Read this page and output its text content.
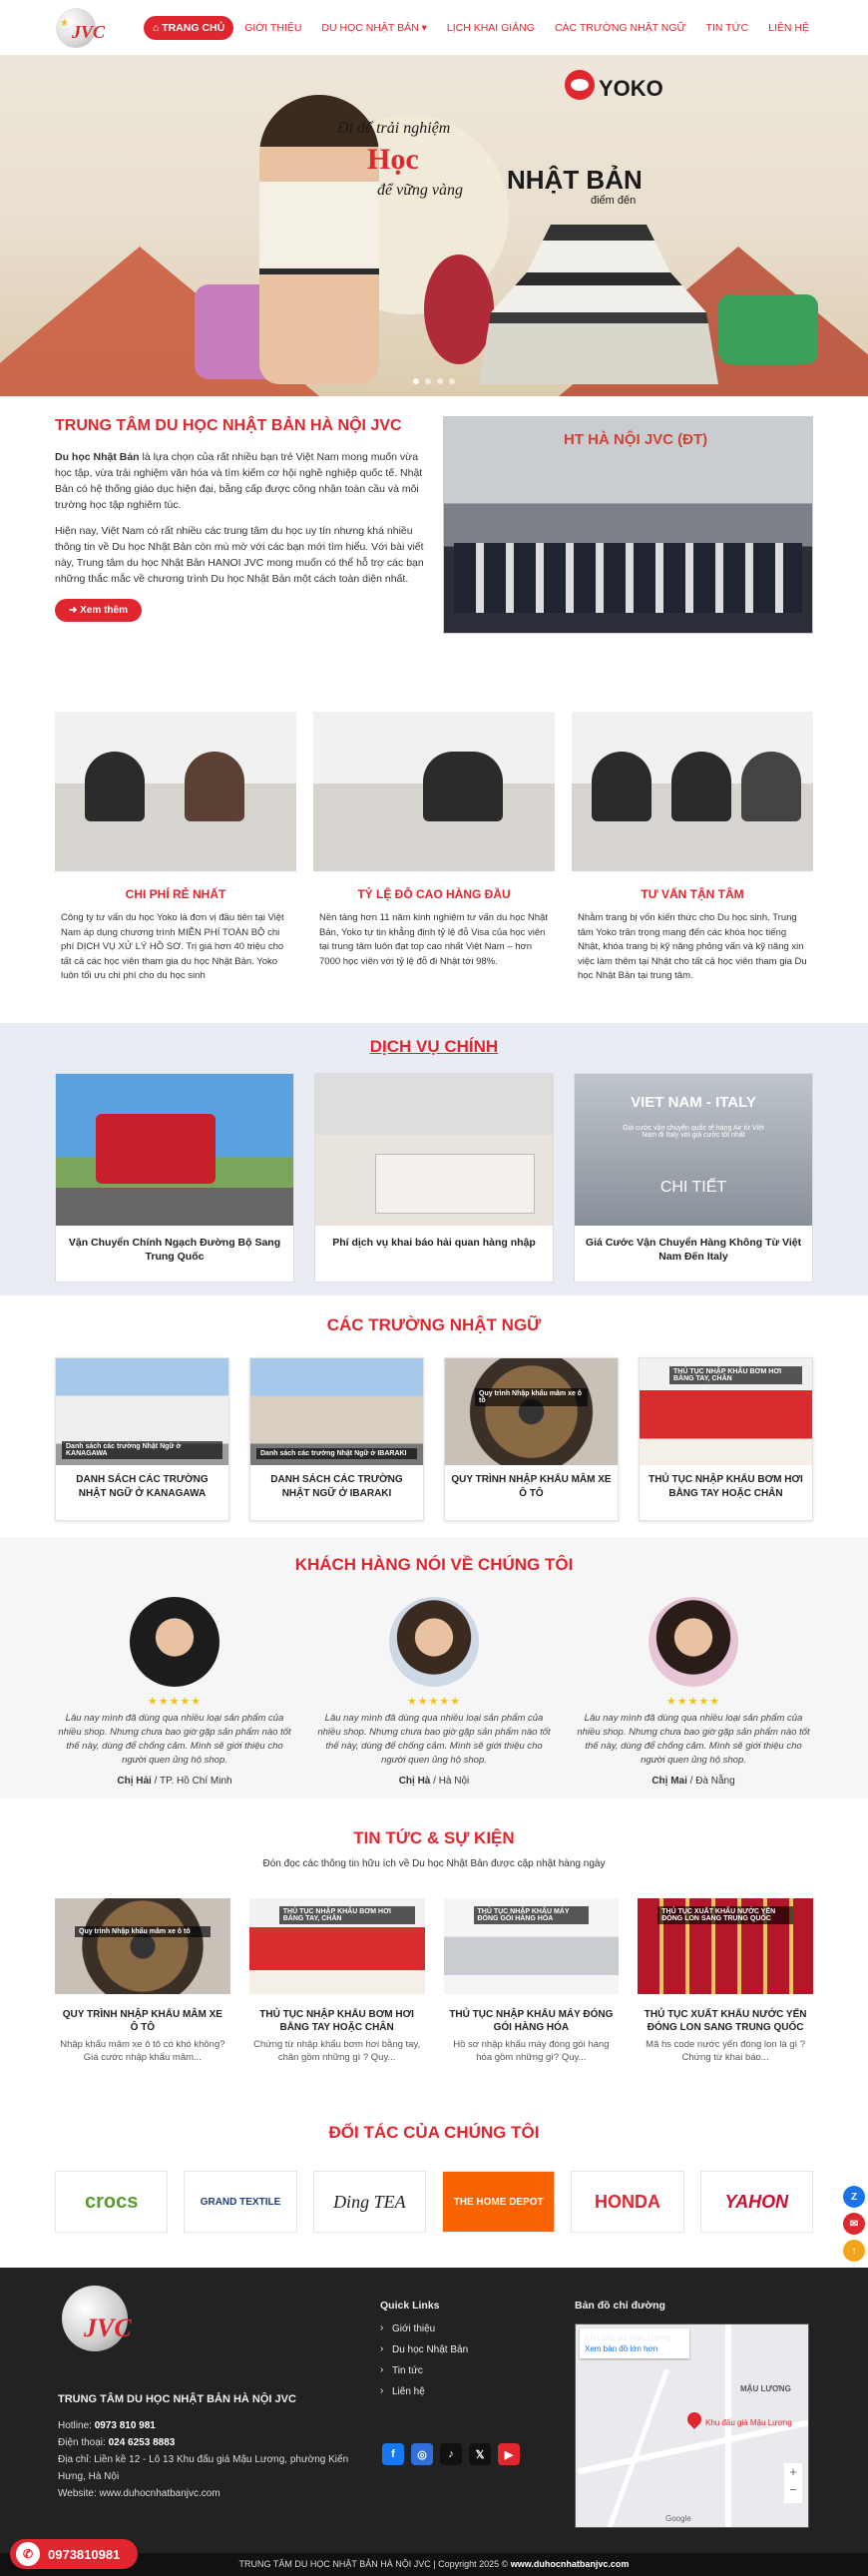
★ JVC	⌂ TRANG CHỦ	GIỚI THIỆU	DU HỌC NHẬT BẢN ▾	LỊCH KHAI GIẢNG	CÁC TRƯỜNG NHẬT NGỮ	TIN TỨC	LIÊN HỆ
YOKO
Đi để trải nghiệm
Học
để vững vàng NHẬT BẢN
điểm đến
TRUNG TÂM DU HỌC NHẬT BẢN HÀ NỘI JVC

Du học Nhật Bản là lựa chọn của rất nhiều bạn trẻ Việt Nam mong muốn vừa học tập, vừa trải nghiệm văn hóa và tìm kiếm cơ hội nghề nghiệp quốc tế. Nhật Bản có hệ thống giáo dục hiện đại, bằng cấp được công nhận toàn cầu và môi trường học tập nghiêm túc.

Hiện nay, Việt Nam có rất nhiều các trung tâm du học uy tín nhưng khá nhiều thông tin về Du học Nhật Bản còn mù mờ với các bạn mới tìm hiểu. Với bài viết này, Trung tâm du học Nhật Bản HANOI JVC mong muốn có thể hỗ trợ các bạn những thắc mắc về chương trình Du học Nhật Bản một cách toàn diện nhất.

➜ Xem thêm
HT HÀ NỘI JVC (ĐT)
CHI PHÍ RẺ NHẤT

Công ty tư vấn du học Yoko là đơn vị đầu tiên tại Việt Nam áp dụng chương trình MIỄN PHÍ TOÀN BỘ chi phí DỊCH VỤ XỬ LÝ HỒ SƠ. Trị giá hơn 40 triệu cho tất cả các học viên tham gia du học Nhật Bản. Yoko luôn tối ưu chi phí cho du học sinh

TỶ LỆ ĐỖ CAO HÀNG ĐẦU

Nền tảng hơn 11 năm kinh nghiệm tư vấn du học Nhật Bản, Yoko tự tin khẳng định tỷ lệ đỗ Visa của học viên tại trung tâm luôn đạt top cao nhất Việt Nam – hơn 7000 học viên với tỷ lệ đỗ đi Nhật tới 98%.

TƯ VẤN TẬN TÂM

Nhằm trang bị vốn kiến thức cho Du học sinh. Trung tâm Yoko trân trọng mang đến các khóa học tiếng Nhật, khóa trang bị kỹ năng phỏng vấn và kỹ năng xin việc làm thêm tại Nhật cho tất cả học viên tham gia Du học Nhật Bản tại trung tâm.

DỊCH VỤ CHÍNH
Vận Chuyển Chính Ngạch Đường Bộ Sang Trung Quốc
Phí dịch vụ khai báo hải quan hàng nhập
VIET NAM - ITALY
Giá cước vận chuyển quốc tế hàng Air từ Việt Nam đi Italy với giá cước tốt nhất
CHI TIẾT
Giá Cước Vận Chuyển Hàng Không Từ Việt Nam Đến Italy
CÁC TRƯỜNG NHẬT NGỮ
Danh sách các trường Nhật Ngữ ở KANAGAWA
DANH SÁCH CÁC TRƯỜNG NHẬT NGỮ Ở KANAGAWA
Danh sách các trường Nhật Ngữ ở IBARAKI
DANH SÁCH CÁC TRƯỜNG NHẬT NGỮ Ở IBARAKI
Quy trình Nhập khẩu mâm xe ô tô
QUY TRÌNH NHẬP KHẨU MÂM XE Ô TÔ
THỦ TỤC NHẬP KHẨU BƠM HƠI BẰNG TAY, CHÂN
THỦ TỤC NHẬP KHẨU BƠM HƠI BẰNG TAY HOẶC CHÂN
KHÁCH HÀNG NÓI VỀ CHÚNG TÔI
★★★★★

Lâu nay mình đã dùng qua nhiều loại sản phẩm của nhiều shop. Nhưng chưa bao giờ gặp sản phẩm nào tốt thế này, dùng để chống cảm. Mình sẽ giới thiệu cho người quen ủng hộ shop.

Chị Hải / TP. Hồ Chí Minh
★★★★★

Lâu nay mình đã dùng qua nhiều loại sản phẩm của nhiều shop. Nhưng chưa bao giờ gặp sản phẩm nào tốt thế này, dùng để chống cảm. Mình sẽ giới thiệu cho người quen ủng hộ shop.

Chị Hà / Hà Nội
★★★★★

Lâu nay mình đã dùng qua nhiều loại sản phẩm của nhiều shop. Nhưng chưa bao giờ gặp sản phẩm nào tốt thế này, dùng để chống cảm. Mình sẽ giới thiệu cho người quen ủng hộ shop.

Chị Mai / Đà Nẵng
TIN TỨC & SỰ KIỆN
Đón đọc các thông tin hữu ích về Du học Nhật Bản được cập nhật hàng ngày
Quy trình Nhập khẩu mâm xe ô tô
QUY TRÌNH NHẬP KHẨU MÂM XE Ô TÔ

Nhập khẩu mâm xe ô tô có khó không? Giá cước nhập khẩu mâm...

THỦ TỤC NHẬP KHẨU BƠM HƠI BẰNG TAY, CHÂN
THỦ TỤC NHẬP KHẨU BƠM HƠI BẰNG TAY HOẶC CHÂN

Chứng từ nhập khẩu bơm hơi bằng tay, chân gồm những gì ? Quy...

THỦ TỤC NHẬP KHẨU MÁY ĐÓNG GÓI HÀNG HÓA
THỦ TỤC NHẬP KHẨU MÁY ĐÓNG GÓI HÀNG HÓA

Hồ sơ nhập khẩu máy đóng gói hàng hóa gồm những gì? Quy...

THỦ TỤC XUẤT KHẨU NƯỚC YẾN ĐÓNG LON SANG TRUNG QUỐC
THỦ TỤC XUẤT KHẨU NƯỚC YẾN ĐÓNG LON SANG TRUNG QUỐC

Mã hs code nước yến đóng lon là gì ? Chứng từ khai báo...

ĐỐI TÁC CỦA CHÚNG TÔI
crocs	GRAND TEXTILE	Ding TEA	THE HOME DEPOT	HONDA	YAHON	Z
✉
↑
JVC
TRUNG TÂM DU HỌC NHẬT BẢN HÀ NỘI JVC
Hotline: 0973 810 981
Điện thoại: 024 6253 8883
Địa chỉ: Liền kề 12 - Lô 13 Khu đấu giá Mậu Lương, phường Kiến Hưng, Hà Nội
Website: www.duhocnhatbanjvc.com
Quick Links
› Giới thiệu
› Du học Nhật Bản
› Tin tức
› Liên hệ
f	◎	♪	𝕏	▶
Bản đồ chỉ đường
MẬU LƯƠNG
Khu đấu giá Mậu Lương
Khu đấu giá Mậu Lương
Xem bản đồ lớn hơn
+
−
Google
TRUNG TÂM DU HỌC NHẬT BẢN HÀ NỘI JVC | Copyright 2025 © www.duhocnhatbanjvc.com
✆	0973810981
